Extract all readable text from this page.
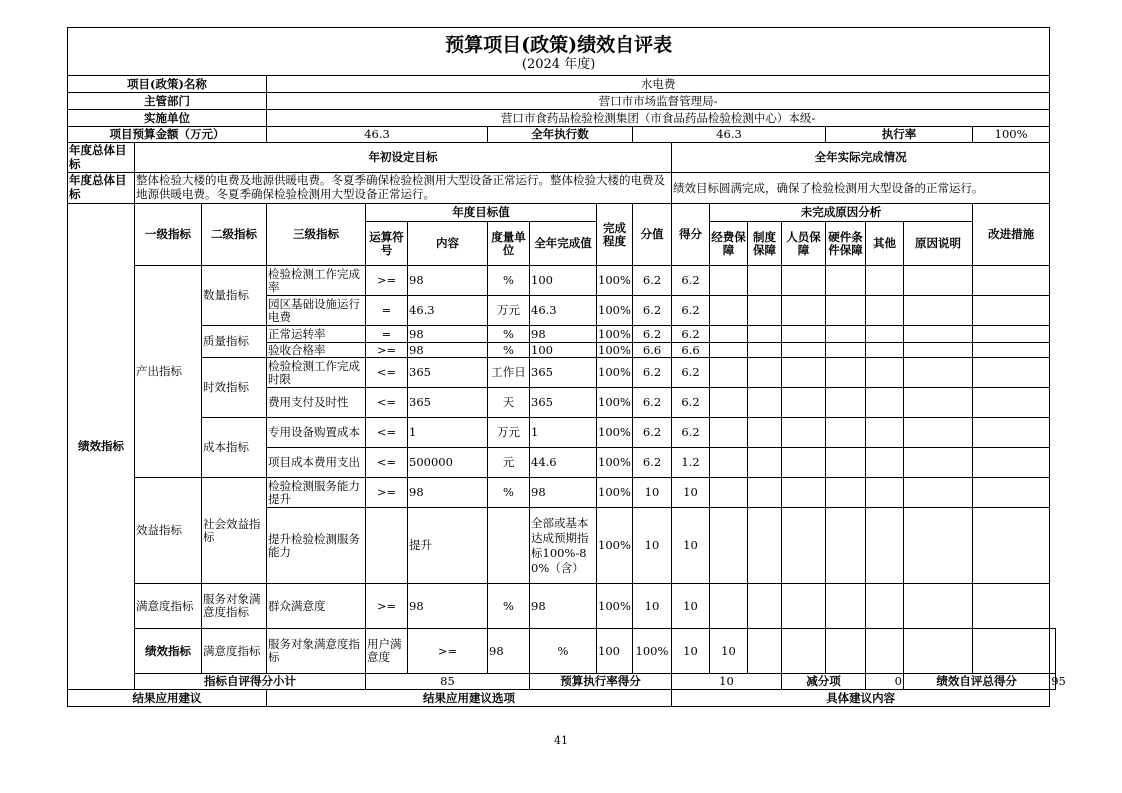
预算项目(政策)绩效自评表
(2024 年度)																		

项目(政策)名称			水电费															
主管部门			营口市市场监督管理局-															
实施单位			营口市食药品检验检测集团（市食品药品检验检测中心）本级-															
项目预算金额（万元）			46.3			全年执行数			46.3					执行率			100%	
年度总体目标	年初设定目标									全年实际完成情况								
年度总体目标	整体检验大楼的电费及地源供暖电费。冬夏季确保检验检测用大型设备正常运行。整体检验大楼的电费及地源供暖电费。冬夏季确保检验检测用大型设备正常运行。									绩效目标圆满完成，确保了检验检测用大型设备的正常运行。								
绩效指标	一级指标	二级指标	三级指标	年度目标值				完成程度	分值	得分	未完成原因分析						改进措施	
				运算符号	内容	度量单位	全年完成值				经费保障	制度保障	人员保障	硬件条件保障	其他	原因说明		
	产出指标	数量指标	检验检测工作完成率	>=	98	%	100	100%	6.2	6.2								
			园区基础设施运行电费	=	46.3	万元	46.3	100%	6.2	6.2								
		质量指标	正常运转率	=	98	%	98	100%	6.2	6.2								
			验收合格率	>=	98	%	100	100%	6.6	6.6								
		时效指标	检验检测工作完成时限	<=	365	工作日	365	100%	6.2	6.2								
			费用支付及时性	<=	365	天	365	100%	6.2	6.2								
		成本指标	专用设备购置成本	<=	1	万元	1	100%	6.2	6.2								
			项目成本费用支出	<=	500000	元	44.6	100%	6.2	1.2								
	效益指标	社会效益指标	检验检测服务能力提升	>=	98	%	98	100%	10	10								
			提升检验检测服务能力		提升		全部或基本达成预期指标100%-80%（含）	100%	10	10								
	满意度指标	服务对象满意度指标	群众满意度	>=	98	%	98	100%	10	10								
	绩效指标	满意度指标	服务对象满意度指标	用户满意度	>=	98	%	100	100%	10	10							
	指标自评得分小计			85			预算执行率得分			10			减分项		0	绩效自评总得分		95
结果应用建议			结果应用建议选项							具体建议内容								
41
